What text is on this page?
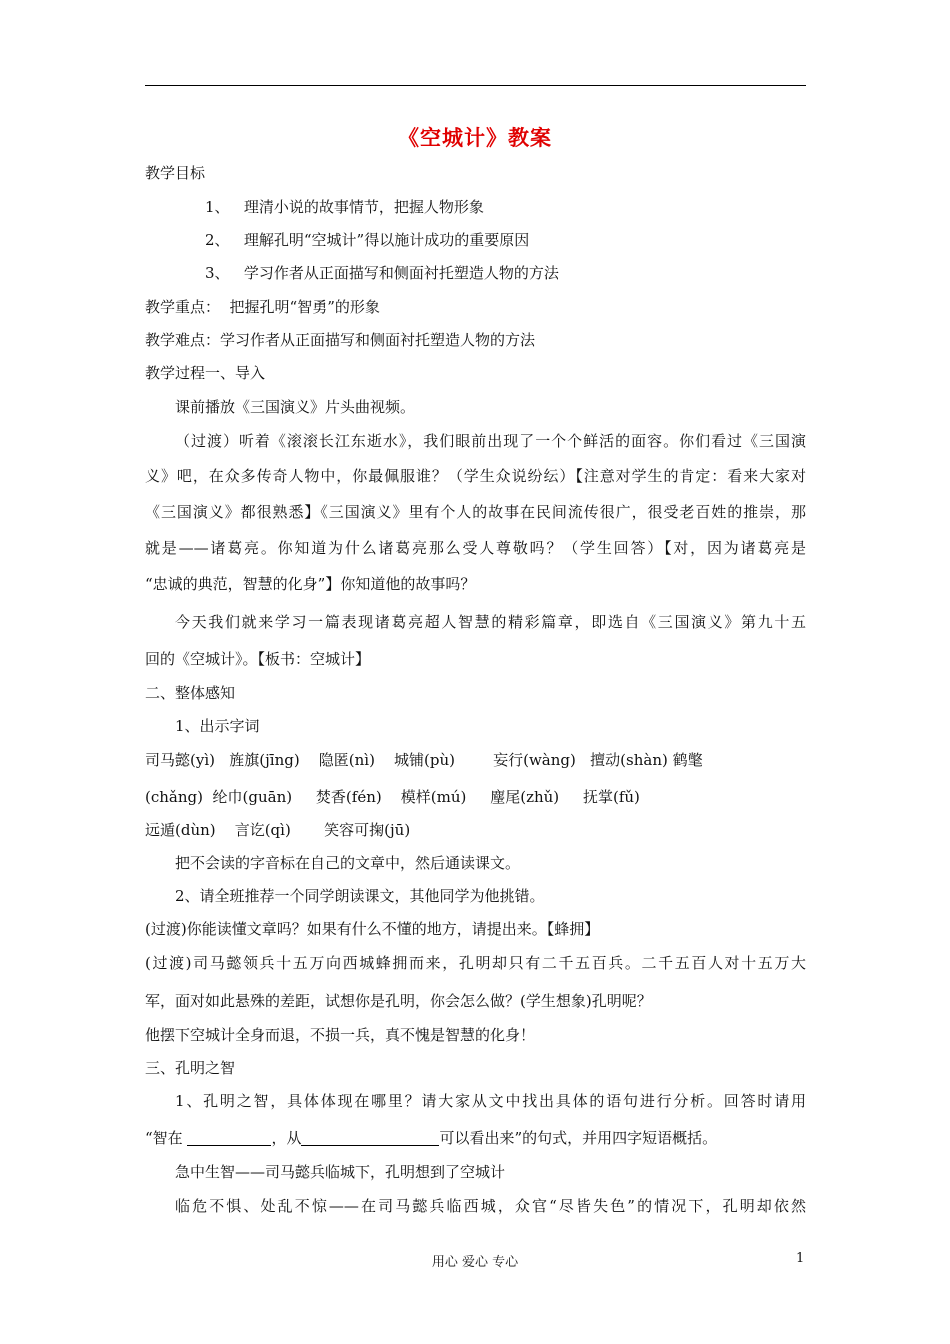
《空城计》教案
教学目标
1、 理清小说的故事情节，把握人物形象
2、 理解孔明“空城计”得以施计成功的重要原因
3、 学习作者从正面描写和侧面衬托塑造人物的方法
教学重点：  把握孔明“智勇”的形象
教学难点：学习作者从正面描写和侧面衬托塑造人物的方法
教学过程一、导入
课前播放《三国演义》片头曲视频。
（过渡）听着《滚滚长江东逝水》，我们眼前出现了一个个鲜活的面容。你们看过《三国演
义》吧，在众多传奇人物中，你最佩服谁？（学生众说纷纭）【注意对学生的肯定：看来大家对
《三国演义》都很熟悉】《三国演义》里有个人的故事在民间流传很广，很受老百姓的推崇，那
就是——诸葛亮。你知道为什么诸葛亮那么受人尊敬吗？（学生回答）【对，因为诸葛亮是
“忠诚的典范，智慧的化身”】你知道他的故事吗？
今天我们就来学习一篇表现诸葛亮超人智慧的精彩篇章，即选自《三国演义》第九十五
回的《空城计》。【板书：空城计】
二、整体感知
1、出示字词
司马懿(yì)   旌旗(jīng)    隐匿(nì)    城铺(pù)        妄行(wàng)   擅动(shàn) 鹤氅
(chǎng)  纶巾(guān)     焚香(fén)    模样(mú)     麈尾(zhǔ)     抚掌(fǔ)
远遁(dùn)    言讫(qì)       笑容可掬(jū)
把不会读的字音标在自己的文章中，然后通读课文。
2、请全班推荐一个同学朗读课文，其他同学为他挑错。
(过渡)你能读懂文章吗？如果有什么不懂的地方，请提出来。【蜂拥】
(过渡)司马懿领兵十五万向西城蜂拥而来，孔明却只有二千五百兵。二千五百人对十五万大
军，面对如此悬殊的差距，试想你是孔明，你会怎么做？(学生想象)孔明呢？
他摆下空城计全身而退，不损一兵，真不愧是智慧的化身！
三、孔明之智
1、孔明之智，具体体现在哪里？请大家从文中找出具体的语句进行分析。回答时请用
“智在	，从	可以看出来”的句式，并用四字短语概括。
急中生智——司马懿兵临城下，孔明想到了空城计
临危不惧、处乱不惊——在司马懿兵临西城，众官“尽皆失色”的情况下，孔明却依然
用心 爱心 专心	1
